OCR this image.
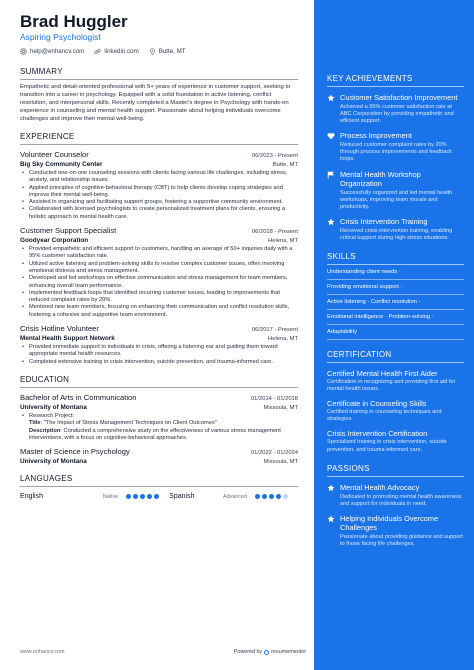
Brad Huggler
Aspiring Psychologist
help@enhancv.com	linkedin.com	Butte, MT
SUMMARY
Empathetic and detail-oriented professional with 5+ years of experience in customer support, seeking to transition into a career in psychology. Equipped with a solid foundation in active listening, conflict resolution, and interpersonal skills. Recently completed a Master's degree in Psychology with hands-on experience in counseling and mental health support. Passionate about helping individuals overcome challenges and improve their mental well-being.
EXPERIENCE
Volunteer Counselor	06/2023 - Present
Big Sky Community Center	Butte, MT
• Conducted one-on-one counseling sessions with clients facing various life challenges, including stress, anxiety, and relationship issues.
• Applied principles of cognitive-behavioral therapy (CBT) to help clients develop coping strategies and improve their mental well-being.
• Assisted in organizing and facilitating support groups, fostering a supportive community environment.
• Collaborated with licensed psychologists to create personalized treatment plans for clients, ensuring a holistic approach to mental health care.
Customer Support Specialist	06/2018 - Present
Goodyear Corporation	Helena, MT
• Provided empathetic and efficient support to customers, handling an average of 50+ inquiries daily with a 95% customer satisfaction rate.
• Utilized active listening and problem-solving skills to resolve complex customer issues, often involving emotional distress and stress management.
• Developed and led workshops on effective communication and stress management for team members, enhancing overall team performance.
• Implemented feedback loops that identified recurring customer issues, leading to improvements that reduced complaint rates by 20%.
• Mentored new team members, focusing on enhancing their communication and conflict resolution skills, fostering a cohesive and supportive team environment.
Crisis Hotline Volunteer	06/2017 - Present
Mental Health Support Network	Helena, MT
• Provided immediate support to individuals in crisis, offering a listening ear and guiding them toward appropriate mental health resources.
• Completed extensive training in crisis intervention, suicide prevention, and trauma-informed care.
EDUCATION
Bachelor of Arts in Communication	01/2014 - 01/2018
University of Montana	Missoula, MT
• Research Project:
Title: "The Impact of Stress Management Techniques on Client Outcomes"
Description: Conducted a comprehensive study on the effectiveness of various stress management interventions, with a focus on cognitive-behavioral approaches.
Master of Science in Psychology	01/2022 - 01/2024
University of Montana	Missoula, MT
LANGUAGES
English	Native	Spanish	Advanced
www.enhancv.com	Powered by resumementor
KEY ACHIEVEMENTS
Customer Satisfaction Improvement
Achieved a 95% customer satisfaction rate at ABC Corporation by providing empathetic and efficient support.
Process Improvement
Reduced customer complaint rates by 20% through process improvements and feedback loops.
Mental Health Workshop Organization
Successfully organized and led mental health workshops, improving team morale and productivity.
Crisis Intervention Training
Received crisis intervention training, enabling critical support during high-stress situations.
SKILLS
Understanding client needs ·
Providing emotional support ·
Active listening · Conflict resolution ·
Emotional intelligence · Problem-solving ·
Adaptability
CERTIFICATION
Certified Mental Health First Aider
Certification in recognizing and providing first aid for mental health issues.
Certificate in Counseling Skills
Certified training in counseling techniques and strategies.
Crisis Intervention Certification
Specialized training in crisis intervention, suicide prevention, and trauma-informed care.
PASSIONS
Mental Health Advocacy
Dedicated to promoting mental health awareness and support for individuals in need.
Helping Individuals Overcome Challenges
Passionate about providing guidance and support to those facing life challenges.
